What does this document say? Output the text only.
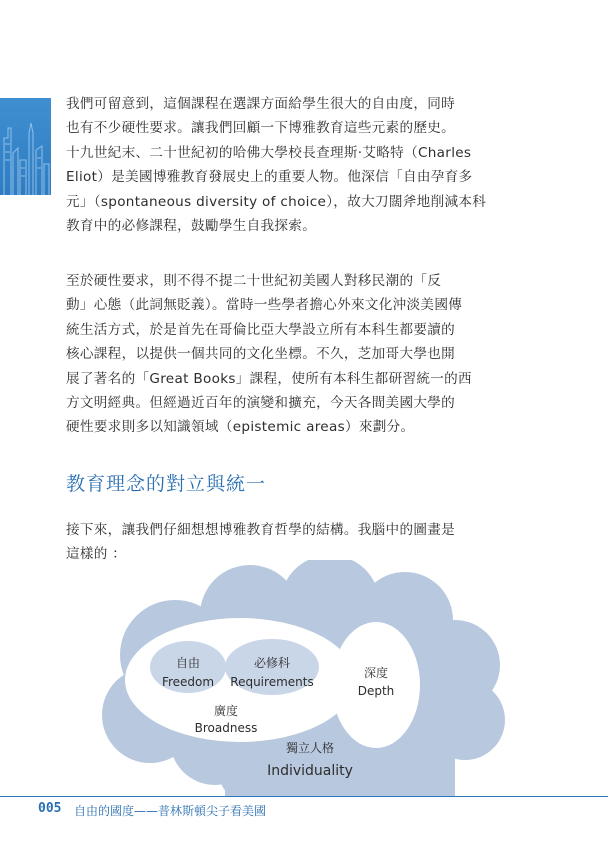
我們可留意到，這個課程在選課方面給學生很大的自由度，同時
也有不少硬性要求。讓我們回顧一下博雅教育這些元素的歷史。
十九世紀末、二十世紀初的哈佛大學校長查理斯·艾略特（Charles
Eliot）是美國博雅教育發展史上的重要人物。他深信「自由孕育多
元」（spontaneous diversity of choice），故大刀闊斧地削減本科
教育中的必修課程，鼓勵學生自我探索。

至於硬性要求，則不得不提二十世紀初美國人對移民潮的「反
動」心態（此詞無貶義）。當時一些學者擔心外來文化沖淡美國傳
統生活方式，於是首先在哥倫比亞大學設立所有本科生都要讀的
核心課程，以提供一個共同的文化坐標。不久，芝加哥大學也開
展了著名的「Great Books」課程，使所有本科生都研習統一的西
方文明經典。但經過近百年的演變和擴充，今天各間美國大學的
硬性要求則多以知識領域（epistemic areas）來劃分。

教育理念的對立與統一

接下來，讓我們仔細想想博雅教育哲學的結構。我腦中的圖畫是
這樣的 ：

自由
Freedom
必修科
Requirements
廣度
Broadness
深度
Depth
獨立人格
Individuality
005 自由的國度——普林斯頓尖子看美國
